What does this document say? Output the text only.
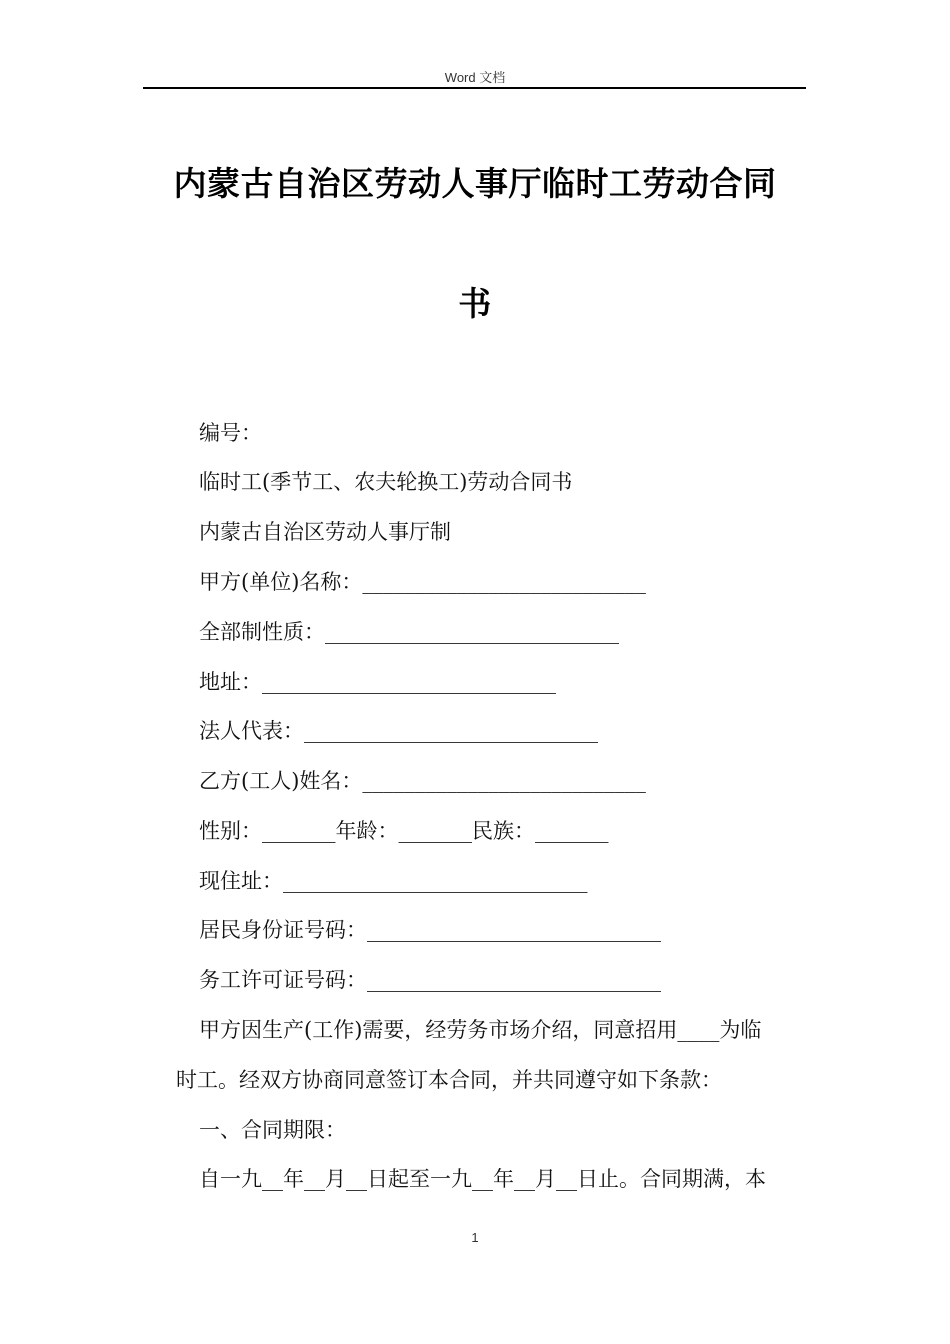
Word 文档
内蒙古自治区劳动人事厅临时工劳动合同
书
编号：
临时工(季节工、农夫轮换工)劳动合同书
内蒙古自治区劳动人事厅制
甲方(单位)名称：___________________________
全部制性质：____________________________
地址：____________________________
法人代表：____________________________
乙方(工人)姓名：___________________________
性别：_______年龄：_______民族：_______
现住址：_____________________________
居民身份证号码：____________________________
务工许可证号码：____________________________
甲方因生产(工作)需要，经劳务市场介绍，同意招用____为临
时工。经双方协商同意签订本合同，并共同遵守如下条款：
一、合同期限：
自一九__年__月__日起至一九__年__月__日止。合同期满，本
1
